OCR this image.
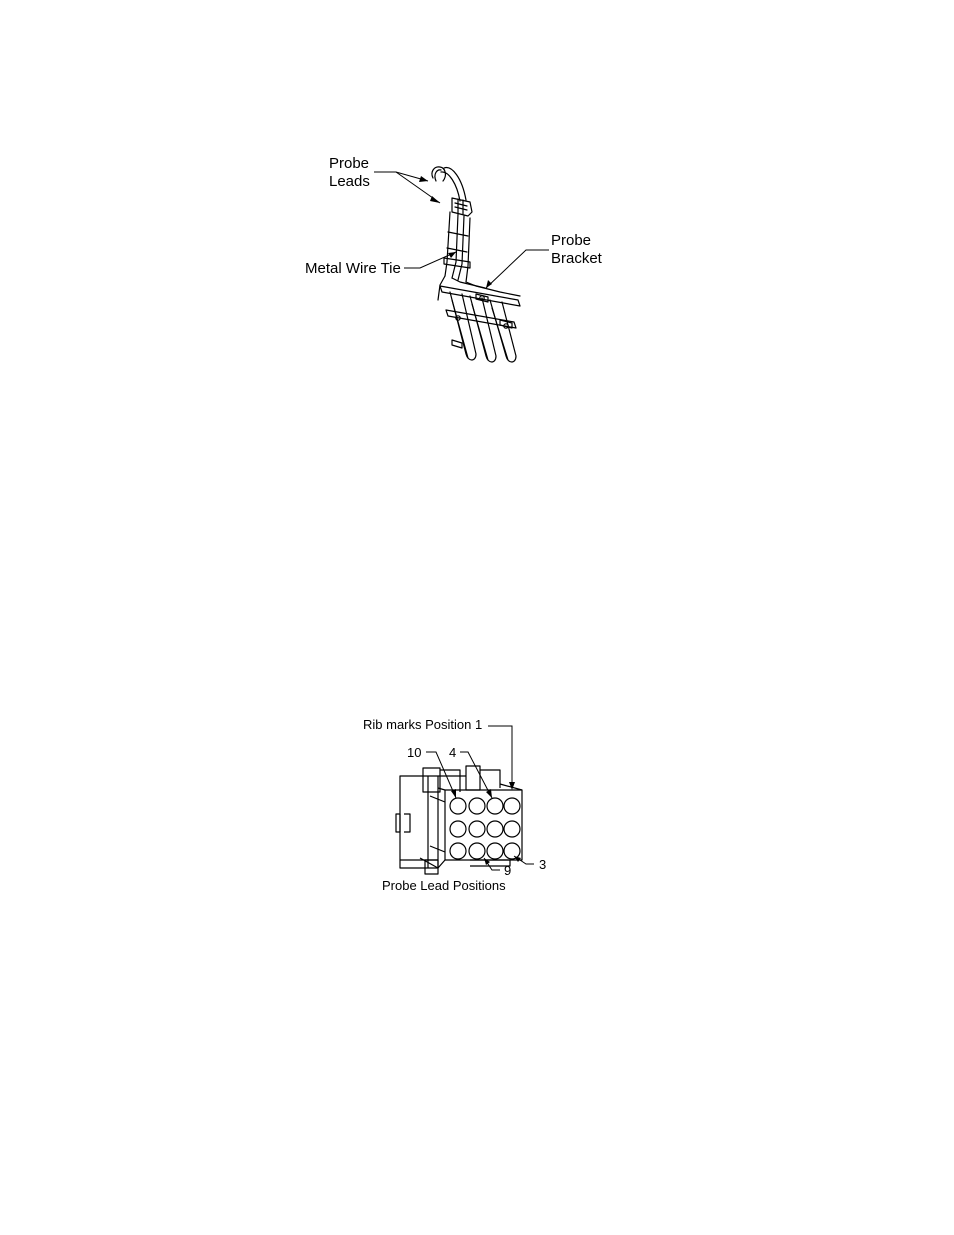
Probe
Leads
Metal Wire Tie
Probe
Bracket
Rib marks Position 1
10 4
9 3
Probe Lead Positions
